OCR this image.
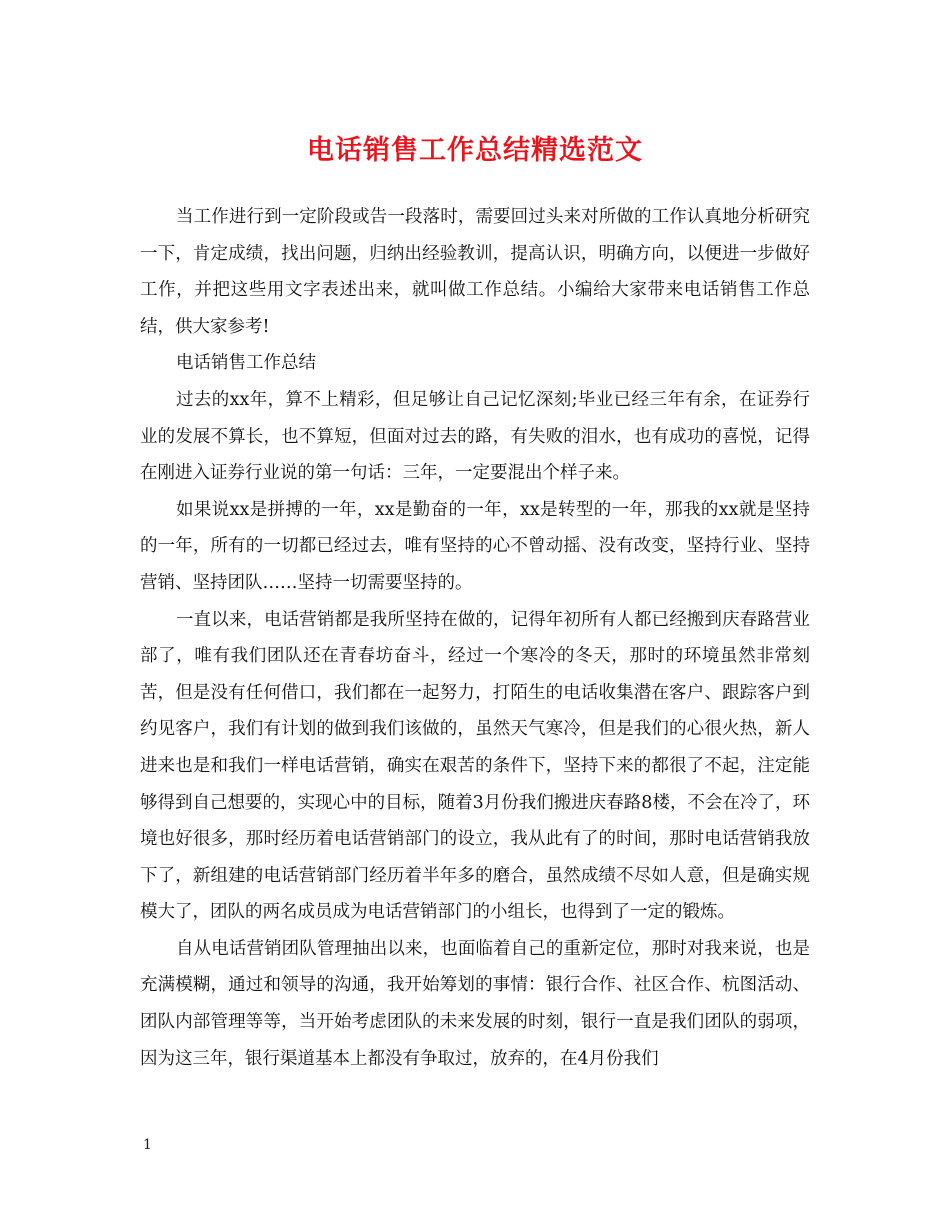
电话销售工作总结精选范文

当工作进行到一定阶段或告一段落时，需要回过头来对所做的工作认真地分析研究一下，肯定成绩，找出问题，归纳出经验教训，提高认识，明确方向，以便进一步做好工作，并把这些用文字表述出来，就叫做工作总结。小编给大家带来电话销售工作总结，供大家参考!

电话销售工作总结

过去的xx年，算不上精彩，但足够让自己记忆深刻;毕业已经三年有余，在证券行业的发展不算长，也不算短，但面对过去的路，有失败的泪水，也有成功的喜悦，记得在刚进入证券行业说的第一句话：三年，一定要混出个样子来。

如果说xx是拼搏的一年，xx是勤奋的一年，xx是转型的一年，那我的xx就是坚持的一年，所有的一切都已经过去，唯有坚持的心不曾动摇、没有改变，坚持行业、坚持营销、坚持团队……坚持一切需要坚持的。

一直以来，电话营销都是我所坚持在做的，记得年初所有人都已经搬到庆春路营业部了，唯有我们团队还在青春坊奋斗，经过一个寒冷的冬天，那时的环境虽然非常刻苦，但是没有任何借口，我们都在一起努力，打陌生的电话收集潜在客户、跟踪客户到约见客户，我们有计划的做到我们该做的，虽然天气寒冷，但是我们的心很火热，新人进来也是和我们一样电话营销，确实在艰苦的条件下，坚持下来的都很了不起，注定能够得到自己想要的，实现心中的目标，随着3月份我们搬进庆春路8楼，不会在冷了，环境也好很多，那时经历着电话营销部门的设立，我从此有了的时间，那时电话营销我放下了，新组建的电话营销部门经历着半年多的磨合，虽然成绩不尽如人意，但是确实规模大了，团队的两名成员成为电话营销部门的小组长，也得到了一定的锻炼。

自从电话营销团队管理抽出以来，也面临着自己的重新定位，那时对我来说，也是充满模糊，通过和领导的沟通，我开始筹划的事情：银行合作、社区合作、杭图活动、团队内部管理等等，当开始考虑团队的未来发展的时刻，银行一直是我们团队的弱项，因为这三年，银行渠道基本上都没有争取过，放弃的，在4月份我们

1
